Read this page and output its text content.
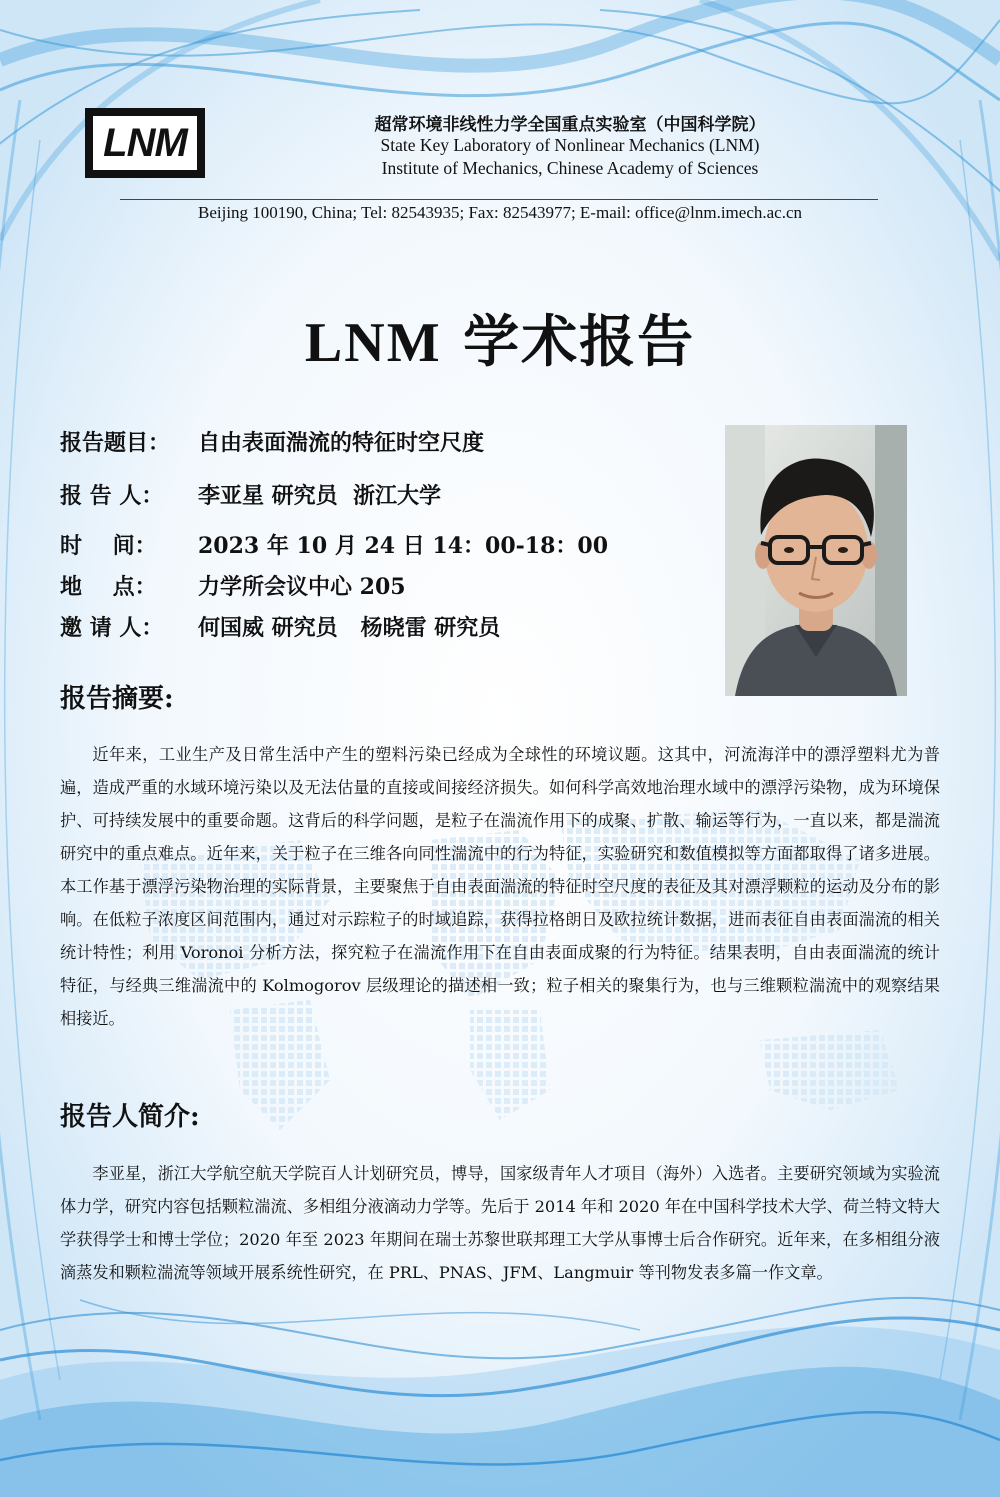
LNM	超常环境非线性力学全国重点实验室（中国科学院）
State Key Laboratory of Nonlinear Mechanics (LNM)
Institute of Mechanics, Chinese Academy of Sciences
Beijing 100190, China; Tel: 82543935; Fax: 82543977; E-mail: office@lnm.imech.ac.cn
LNM 学术报告
报告题目：	自由表面湍流的特征时空尺度
报 告 人：	李亚星 研究员  浙江大学
时    间：	2023 年 10 月 24 日 14：00-18：00
地    点：	力学所会议中心 205
邀 请 人：	何国威 研究员   杨晓雷 研究员
报告摘要:
近年来，工业生产及日常生活中产生的塑料污染已经成为全球性的环境议题。这其中，河流海洋中的漂浮塑料尤为普遍，造成严重的水域环境污染以及无法估量的直接或间接经济损失。如何科学高效地治理水域中的漂浮污染物，成为环境保护、可持续发展中的重要命题。这背后的科学问题，是粒子在湍流作用下的成聚、扩散、输运等行为，一直以来，都是湍流研究中的重点难点。近年来，关于粒子在三维各向同性湍流中的行为特征，实验研究和数值模拟等方面都取得了诸多进展。本工作基于漂浮污染物治理的实际背景，主要聚焦于自由表面湍流的特征时空尺度的表征及其对漂浮颗粒的运动及分布的影响。在低粒子浓度区间范围内，通过对示踪粒子的时域追踪，获得拉格朗日及欧拉统计数据，进而表征自由表面湍流的相关统计特性；利用 Voronoi 分析方法，探究粒子在湍流作用下在自由表面成聚的行为特征。结果表明，自由表面湍流的统计特征，与经典三维湍流中的 Kolmogorov 层级理论的描述相一致；粒子相关的聚集行为，也与三维颗粒湍流中的观察结果相接近。
报告人简介:
李亚星，浙江大学航空航天学院百人计划研究员，博导，国家级青年人才项目（海外）入选者。主要研究领域为实验流体力学，研究内容包括颗粒湍流、多相组分液滴动力学等。先后于 2014 年和 2020 年在中国科学技术大学、荷兰特文特大学获得学士和博士学位；2020 年至 2023 年期间在瑞士苏黎世联邦理工大学从事博士后合作研究。近年来，在多相组分液滴蒸发和颗粒湍流等领域开展系统性研究，在 PRL、PNAS、JFM、Langmuir 等刊物发表多篇一作文章。
